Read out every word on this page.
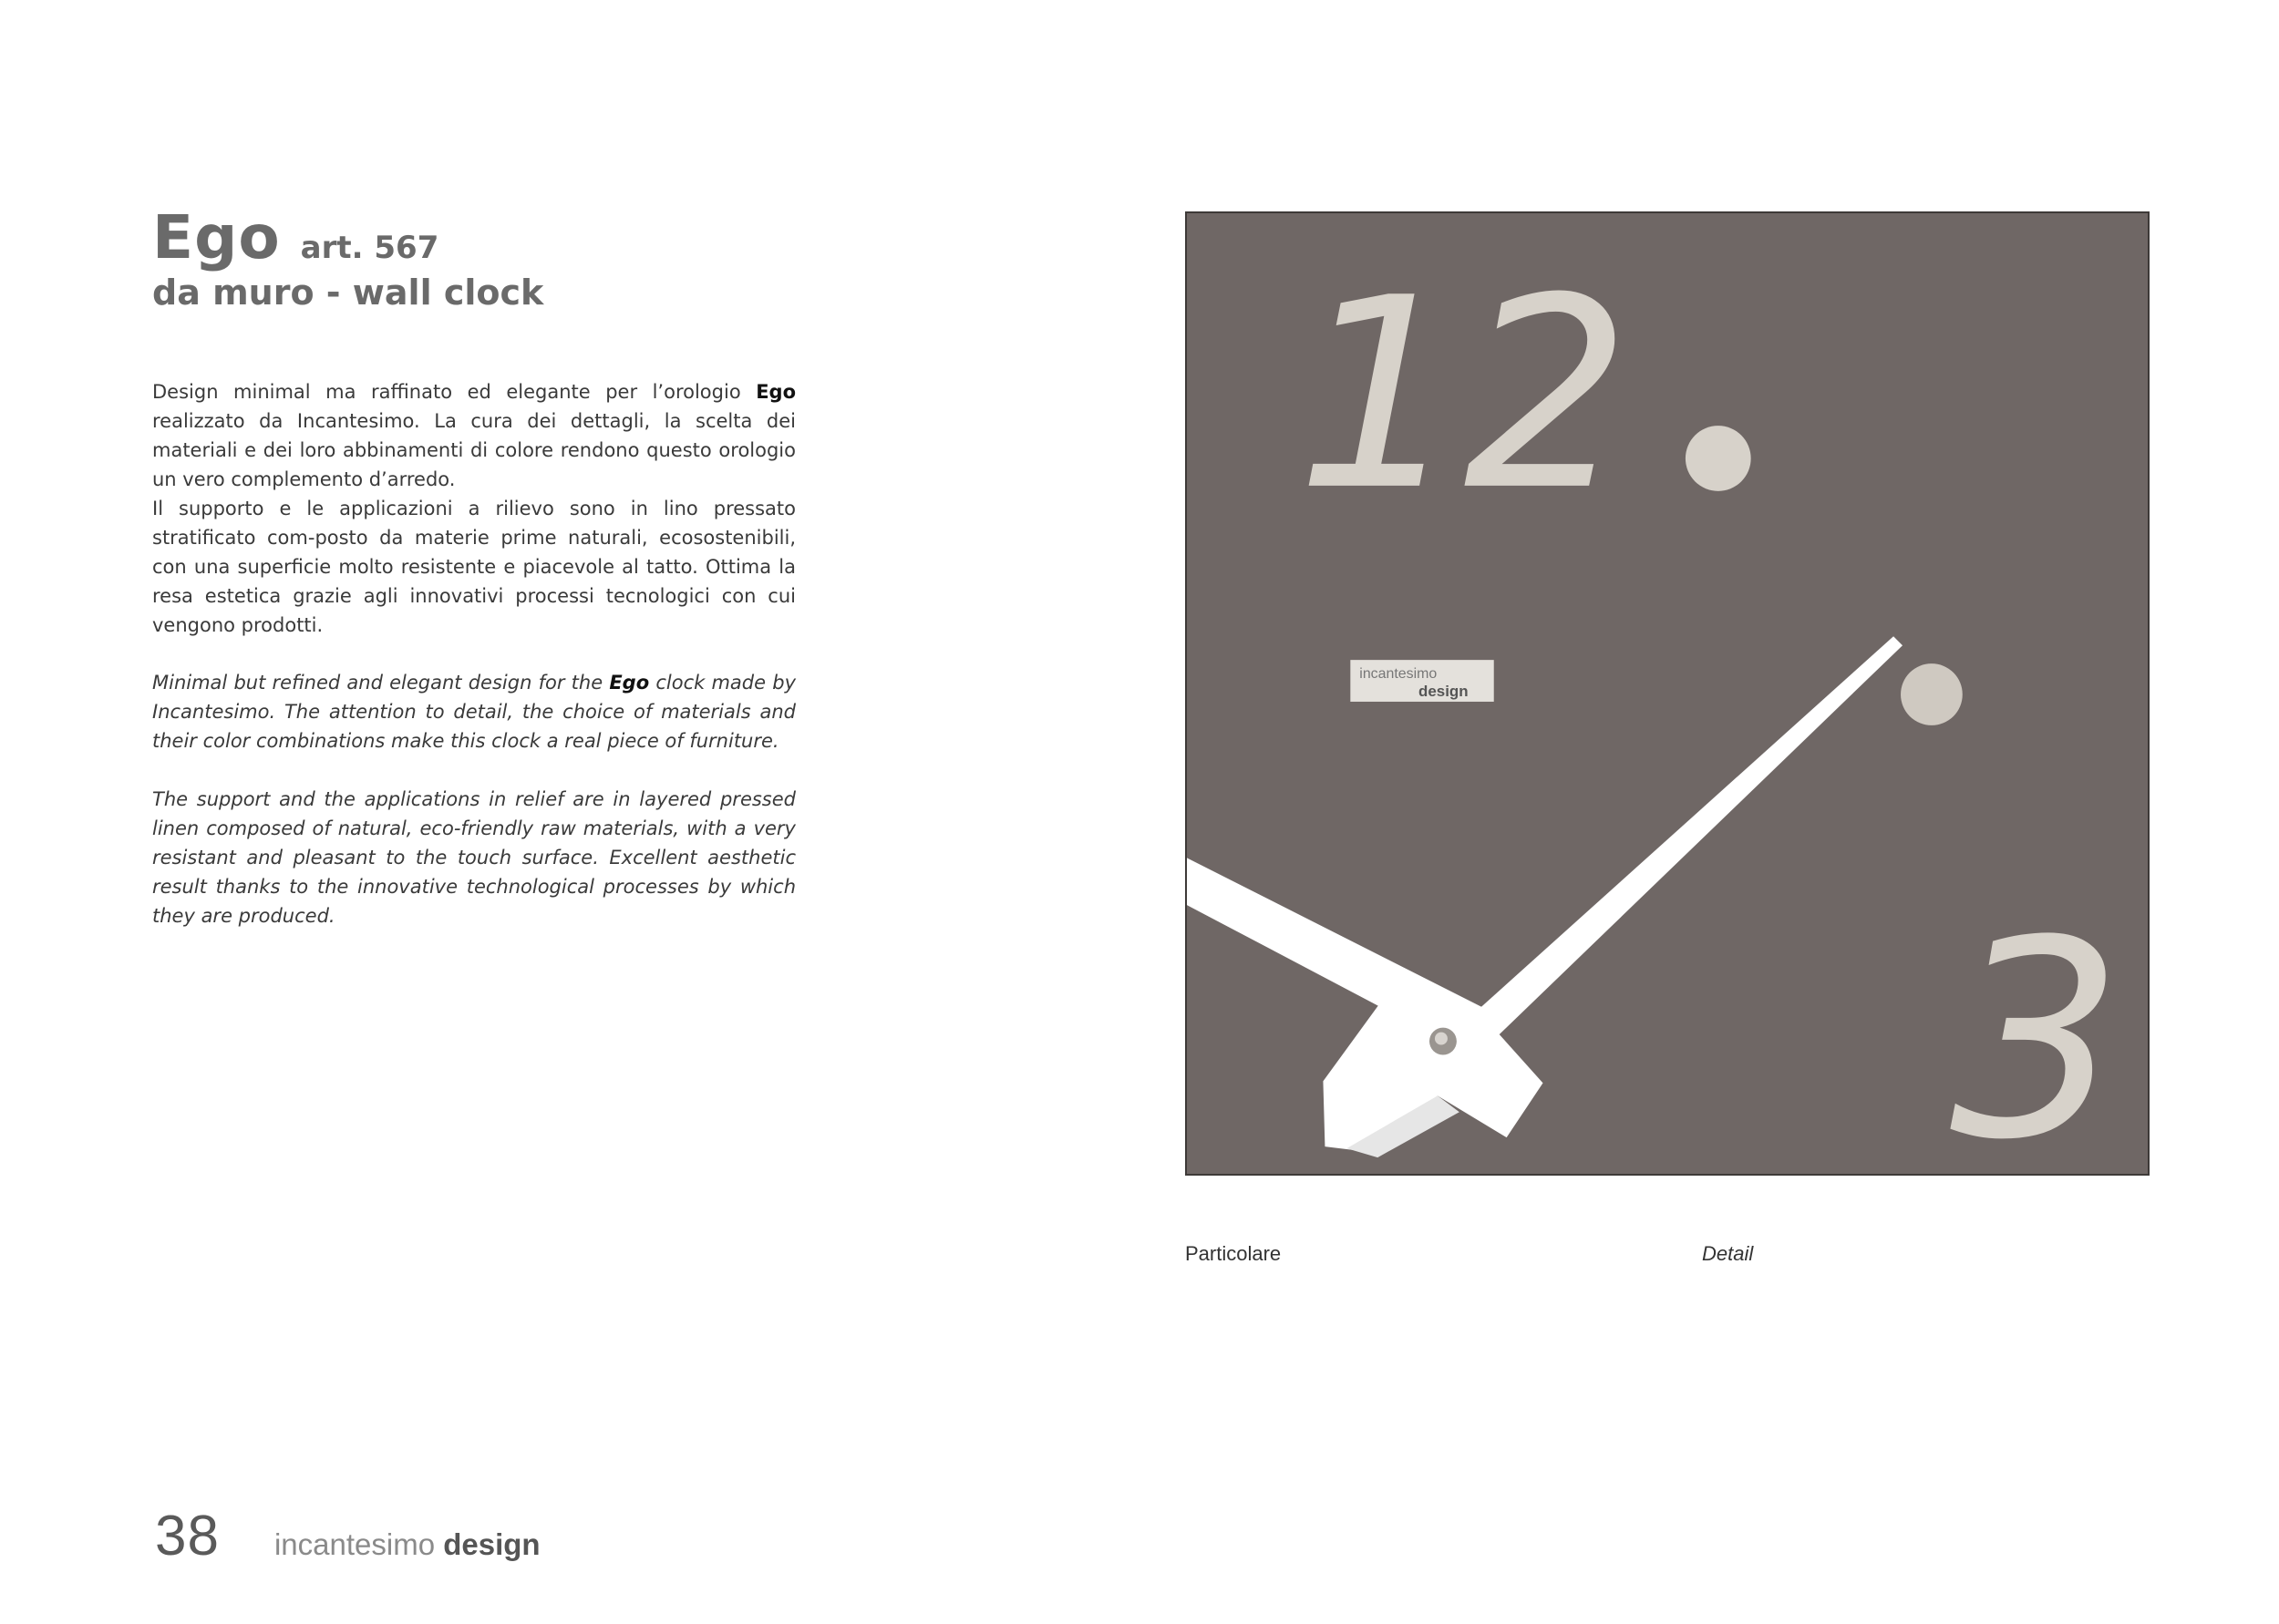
Ego art. 567
da muro - wall clock

Design minimal ma raffinato ed elegante per l’orologio Ego realizzato da Incantesimo. La cura dei dettagli, la scelta dei materiali e dei loro abbinamenti di colore rendono questo orologio un vero complemento d’arredo.

Il supporto e le applicazioni a rilievo sono in lino pressato stratificato com-posto da materie prime naturali, ecosostenibili, con una superficie molto resistente e piacevole al tatto. Ottima la resa estetica grazie agli innovativi processi tecnologici con cui vengono prodotti.

Minimal but refined and elegant design for the Ego clock made by Incantesimo. The attention to detail, the choice of materials and their color combinations make this clock a real piece of furniture.

The support and the applications in relief are in layered pressed linen composed of natural, eco-friendly raw materials, with a very resistant and pleasant to the touch surface. Excellent aesthetic result thanks to the innovative technological processes by which they are produced.

12
3
incantesimo
design
Particolare	Detail
38 incantesimo design
